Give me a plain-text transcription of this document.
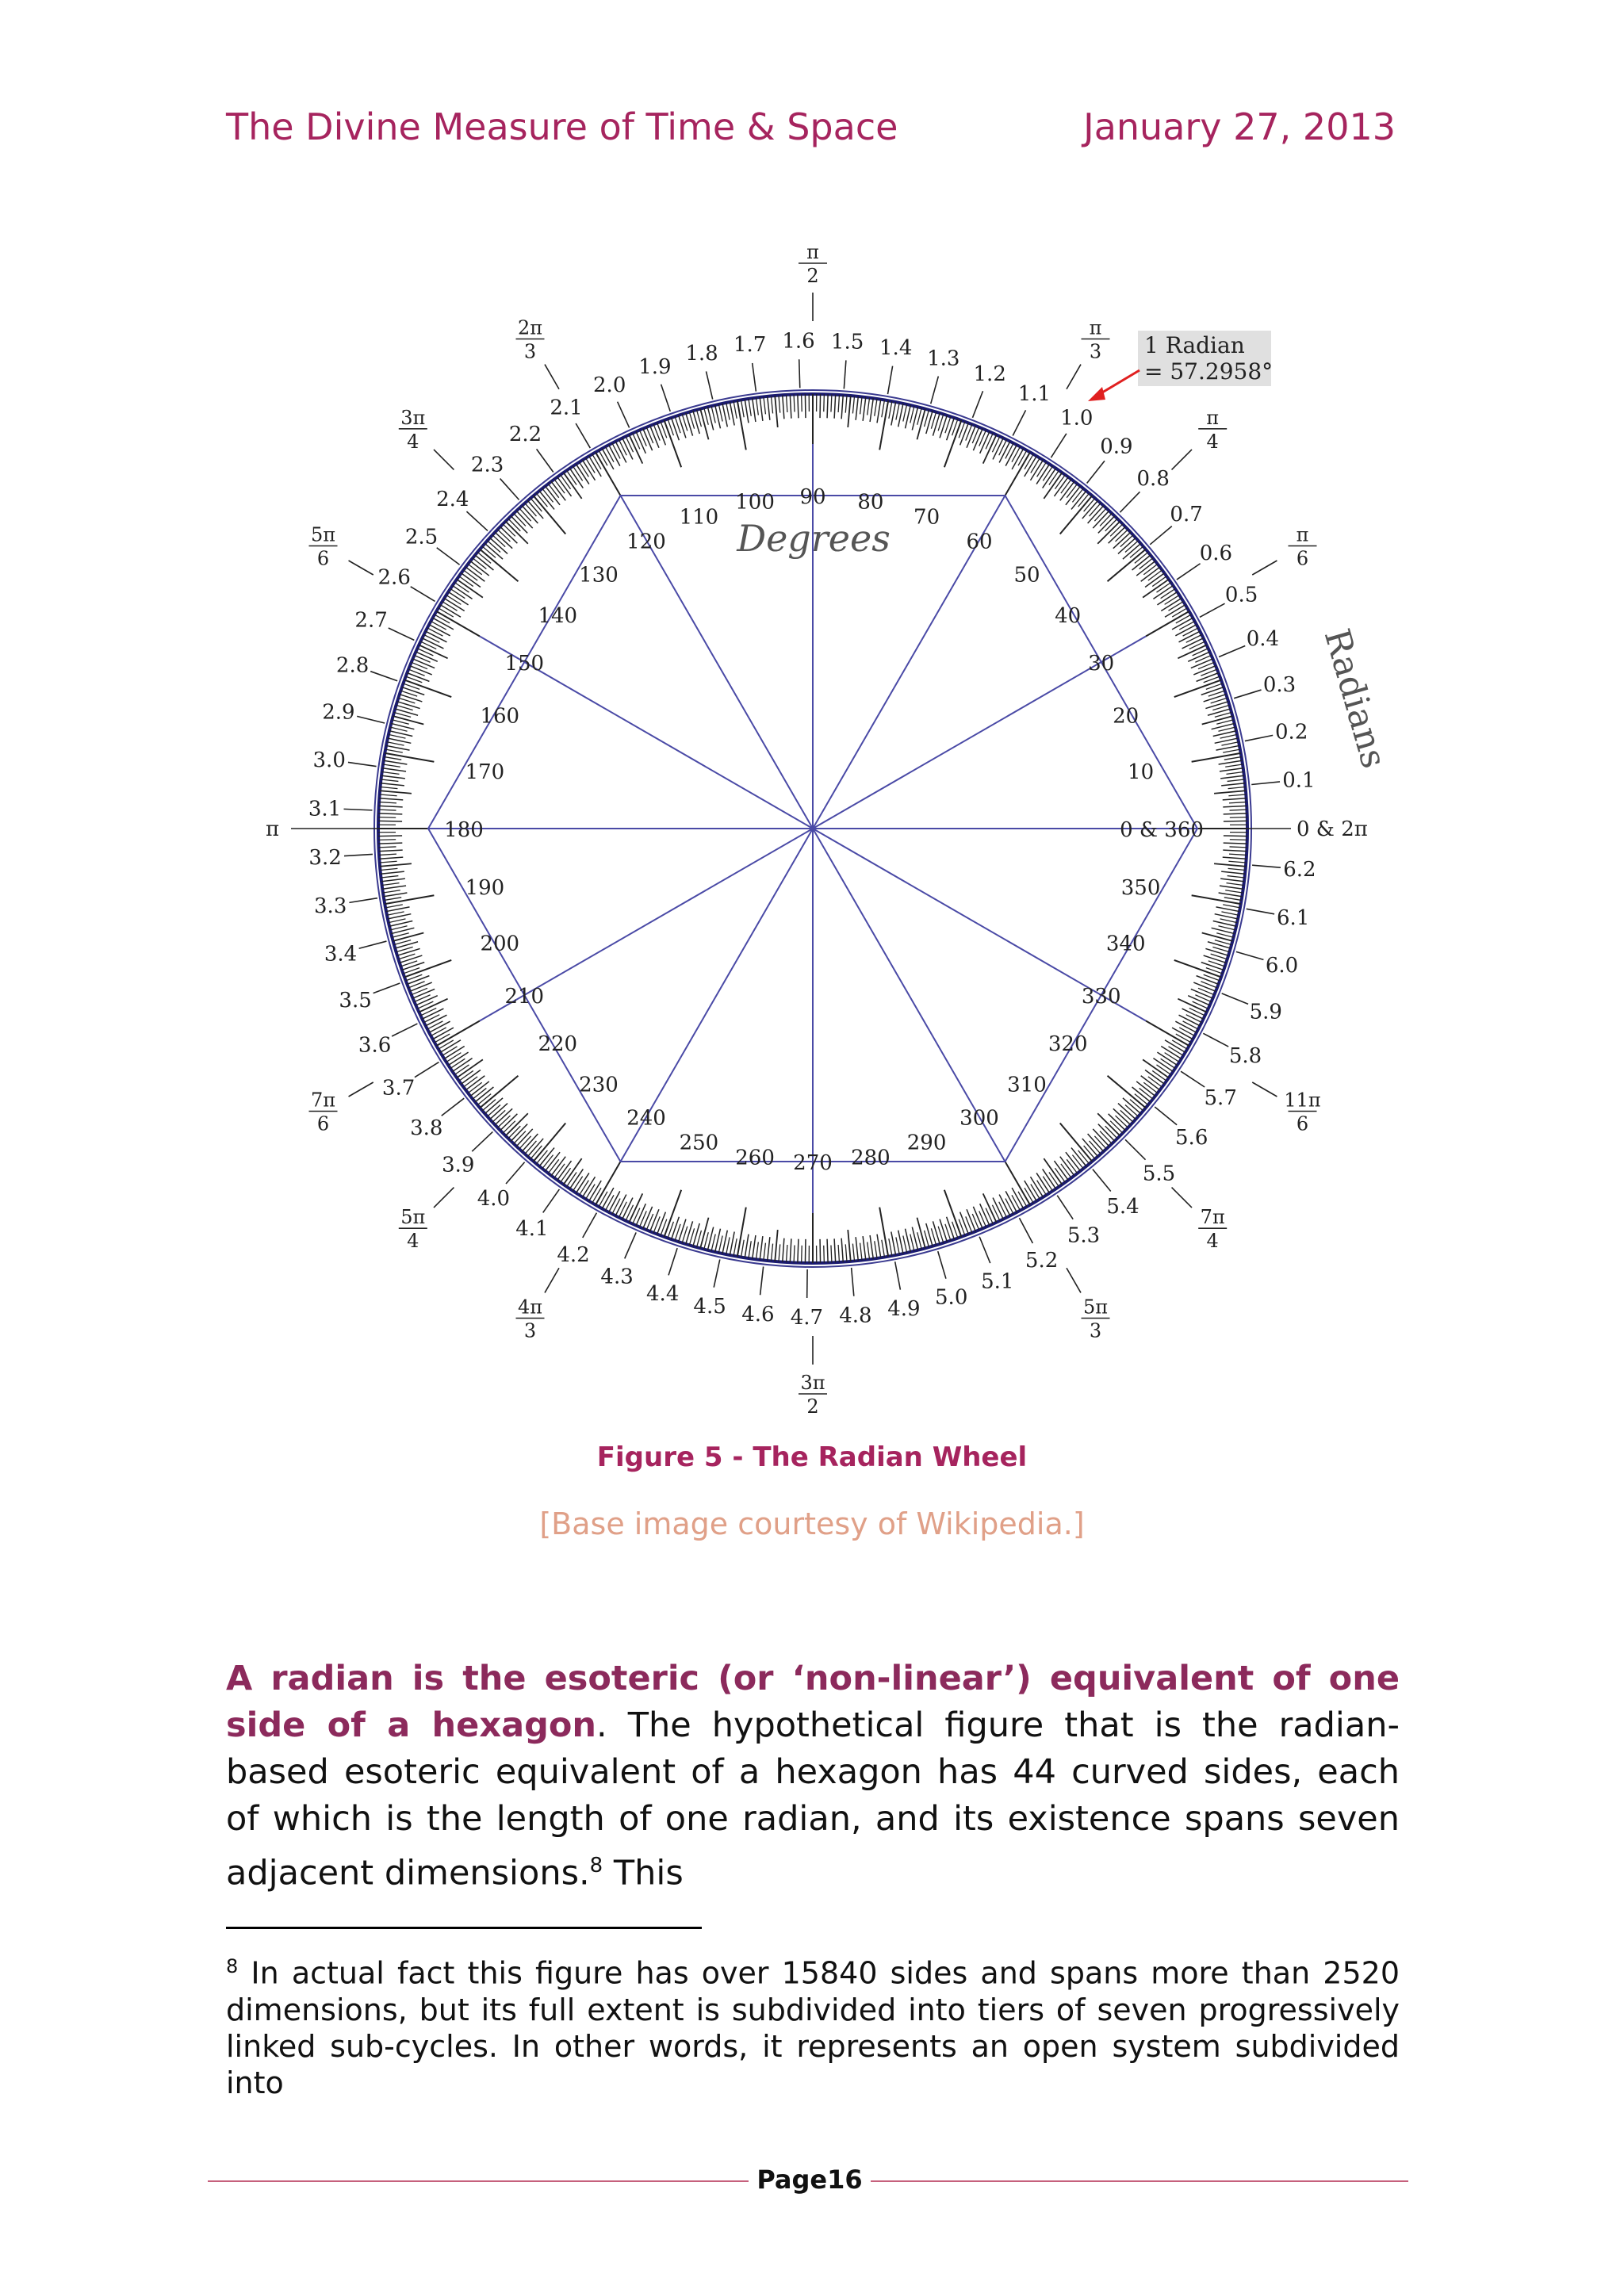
The Divine Measure of Time & Space	January 27, 2013
0 & 360
10
20
30
40
50
60
70
80
90
100
110
120
130
140
150
160
170
180
190
200
210
220
230
240
250
260 270 280
290
300
310
320
330
340
350
0.1
0.2
0.3
0.4
0.5
0.6
0.7
0.8
0.9
1.0
1.1
1.2
1.3
1.4
1.5
1.6
1.7
1.8
1.9
2.0
2.1
2.2
2.3
2.4
2.5
2.6
2.7
2.8
2.9
3.0
3.1
3.2
3.3
3.4
3.5
3.6
3.7
3.8
3.9
4.0
4.1
4.2
4.3
4.4
4.5 4.6 4.7 4.8 4.9 5.0
5.1
5.2
5.3
5.4
5.5
5.6
5.7
5.8
5.9
6.0
6.1
6.2
0 & 2π
π
π
6
π
4
π
3
π
2
2π
3
3π
4
5π
6
7π
6
5π
4
4π
3
3π
2
5π
3
7π
4
11π
6
Degrees
Radians
1 Radian
= 57.2958°
Figure 5 - The Radian Wheel
[Base image courtesy of Wikipedia.]
A radian is the esoteric (or ‘non-linear’) equivalent of one side of a hexagon. The hypothetical figure that is the radian-based esoteric equivalent of a hexagon has 44 curved sides, each of which is the length of one radian, and its existence spans seven adjacent dimensions.$^8$ This
$^8$ In actual fact this figure has over 15840 sides and spans more than 2520 dimensions, but its full extent is subdivided into tiers of seven progressively linked sub-cycles. In other words, it represents an open system subdivided into
Page16
